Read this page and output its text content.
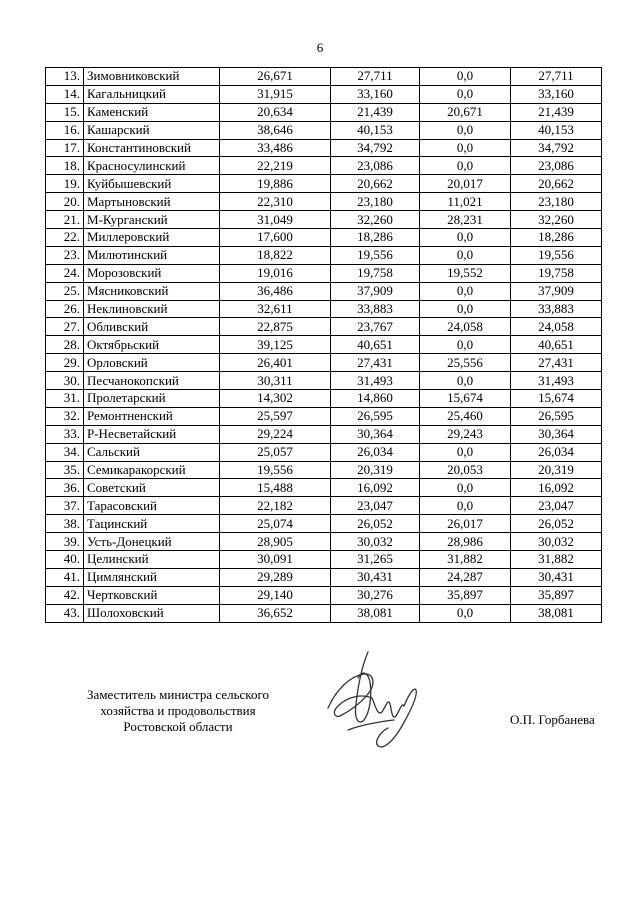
6
13.	Зимовниковский	26,671	27,711	0,0	27,711
14.	Кагальницкий	31,915	33,160	0,0	33,160
15.	Каменский	20,634	21,439	20,671	21,439
16.	Кашарский	38,646	40,153	0,0	40,153
17.	Константиновский	33,486	34,792	0,0	34,792
18.	Красносулинский	22,219	23,086	0,0	23,086
19.	Куйбышевский	19,886	20,662	20,017	20,662
20.	Мартыновский	22,310	23,180	11,021	23,180
21.	М-Курганский	31,049	32,260	28,231	32,260
22.	Миллеровский	17,600	18,286	0,0	18,286
23.	Милютинский	18,822	19,556	0,0	19,556
24.	Морозовский	19,016	19,758	19,552	19,758
25.	Мясниковский	36,486	37,909	0,0	37,909
26.	Неклиновский	32,611	33,883	0,0	33,883
27.	Обливский	22,875	23,767	24,058	24,058
28.	Октябрьский	39,125	40,651	0,0	40,651
29.	Орловский	26,401	27,431	25,556	27,431
30.	Песчанокопский	30,311	31,493	0,0	31,493
31.	Пролетарский	14,302	14,860	15,674	15,674
32.	Ремонтненский	25,597	26,595	25,460	26,595
33.	Р-Несветайский	29,224	30,364	29,243	30,364
34.	Сальский	25,057	26,034	0,0	26,034
35.	Семикаракорский	19,556	20,319	20,053	20,319
36.	Советский	15,488	16,092	0,0	16,092
37.	Тарасовский	22,182	23,047	0,0	23,047
38.	Тацинский	25,074	26,052	26,017	26,052
39.	Усть-Донецкий	28,905	30,032	28,986	30,032
40.	Целинский	30,091	31,265	31,882	31,882
41.	Цимлянский	29,289	30,431	24,287	30,431
42.	Чертковский	29,140	30,276	35,897	35,897
43.	Шолоховский	36,652	38,081	0,0	38,081
Заместитель министра сельского
хозяйства и продовольствия
Ростовской области	О.П. Горбанева
